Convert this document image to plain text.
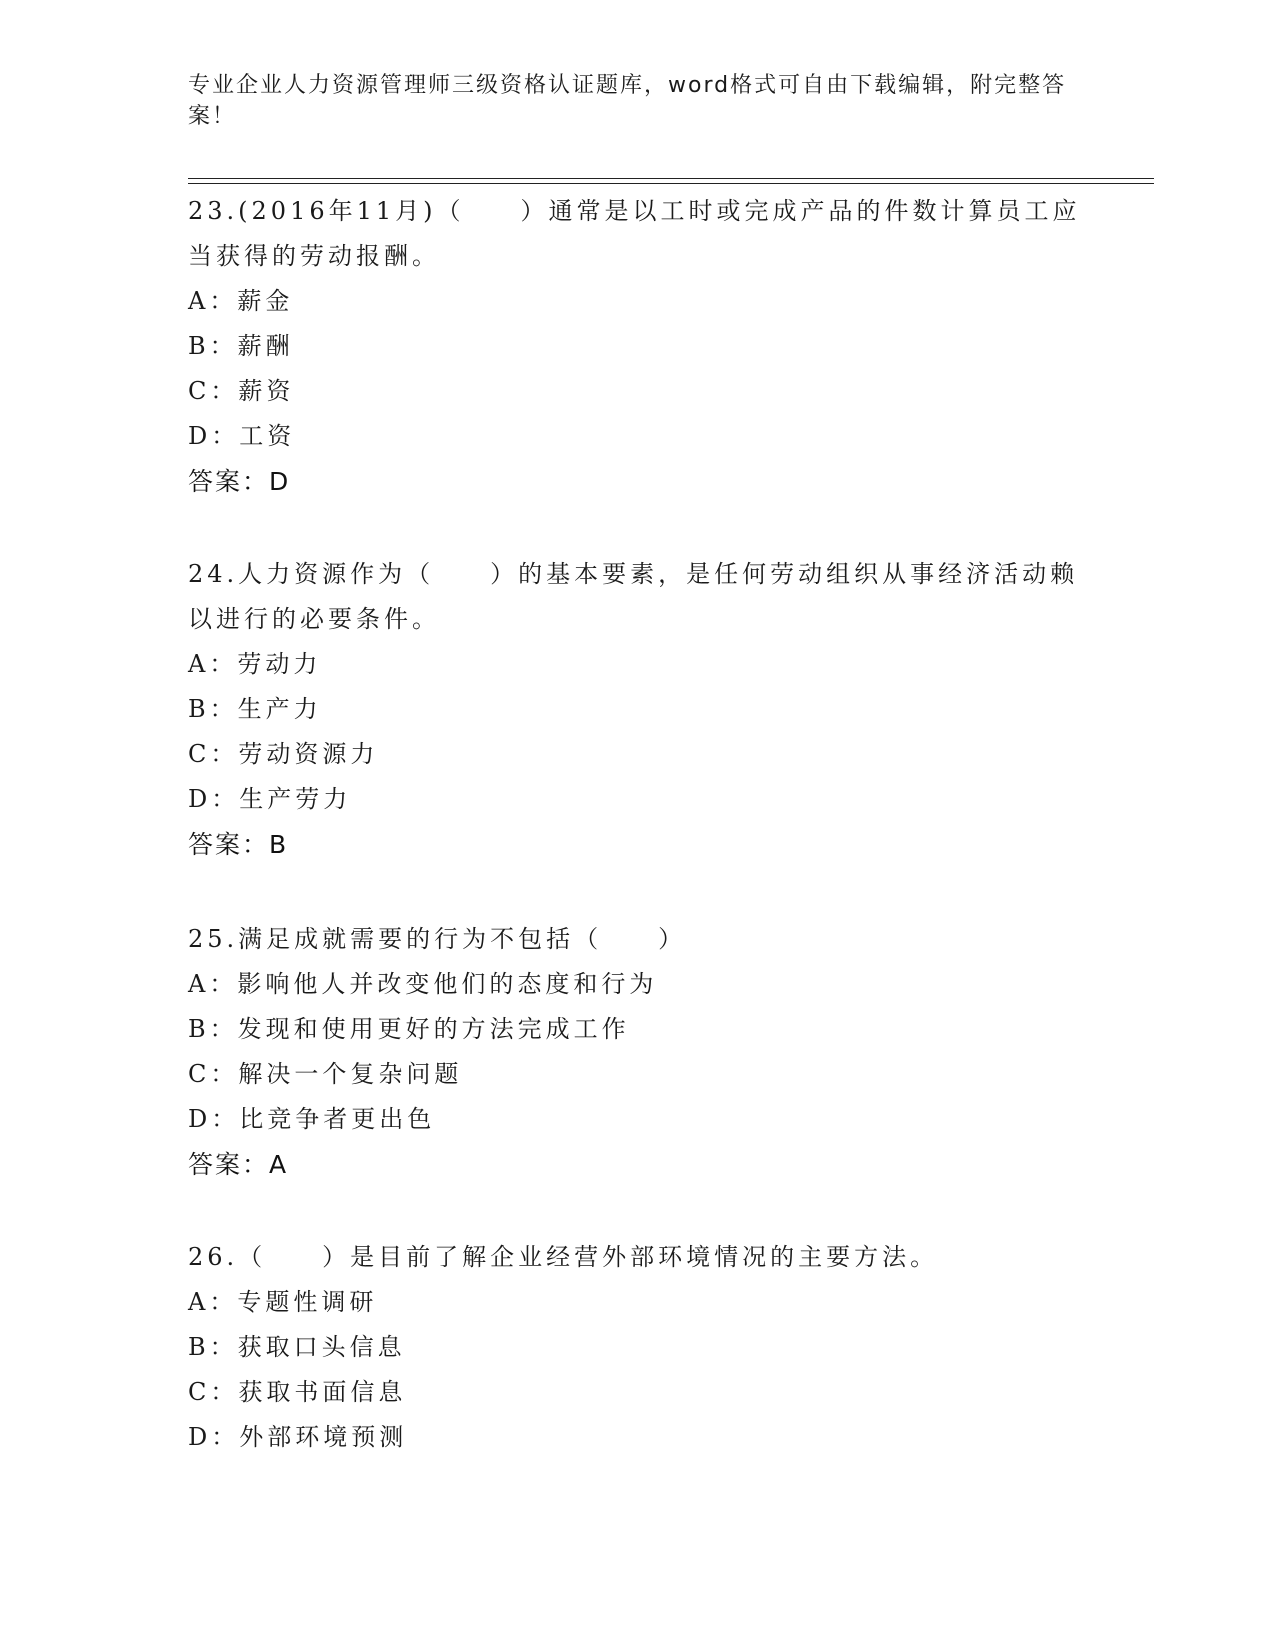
专业企业人力资源管理师三级资格认证题库，word格式可自由下载编辑，附完整答案！

23.(2016年11月)（　　）通常是以工时或完成产品的件数计算员工应当获得的劳动报酬。

A：薪金

B：薪酬

C：薪资

D：工资

答案：D

24.人力资源作为（　　）的基本要素，是任何劳动组织从事经济活动赖以进行的必要条件。

A：劳动力

B：生产力

C：劳动资源力

D：生产劳力

答案：B

25.满足成就需要的行为不包括（　　）

A：影响他人并改变他们的态度和行为

B：发现和使用更好的方法完成工作

C：解决一个复杂问题

D：比竞争者更出色

答案：A

26.（　　）是目前了解企业经营外部环境情况的主要方法。

A：专题性调研

B：获取口头信息

C：获取书面信息

D：外部环境预测
